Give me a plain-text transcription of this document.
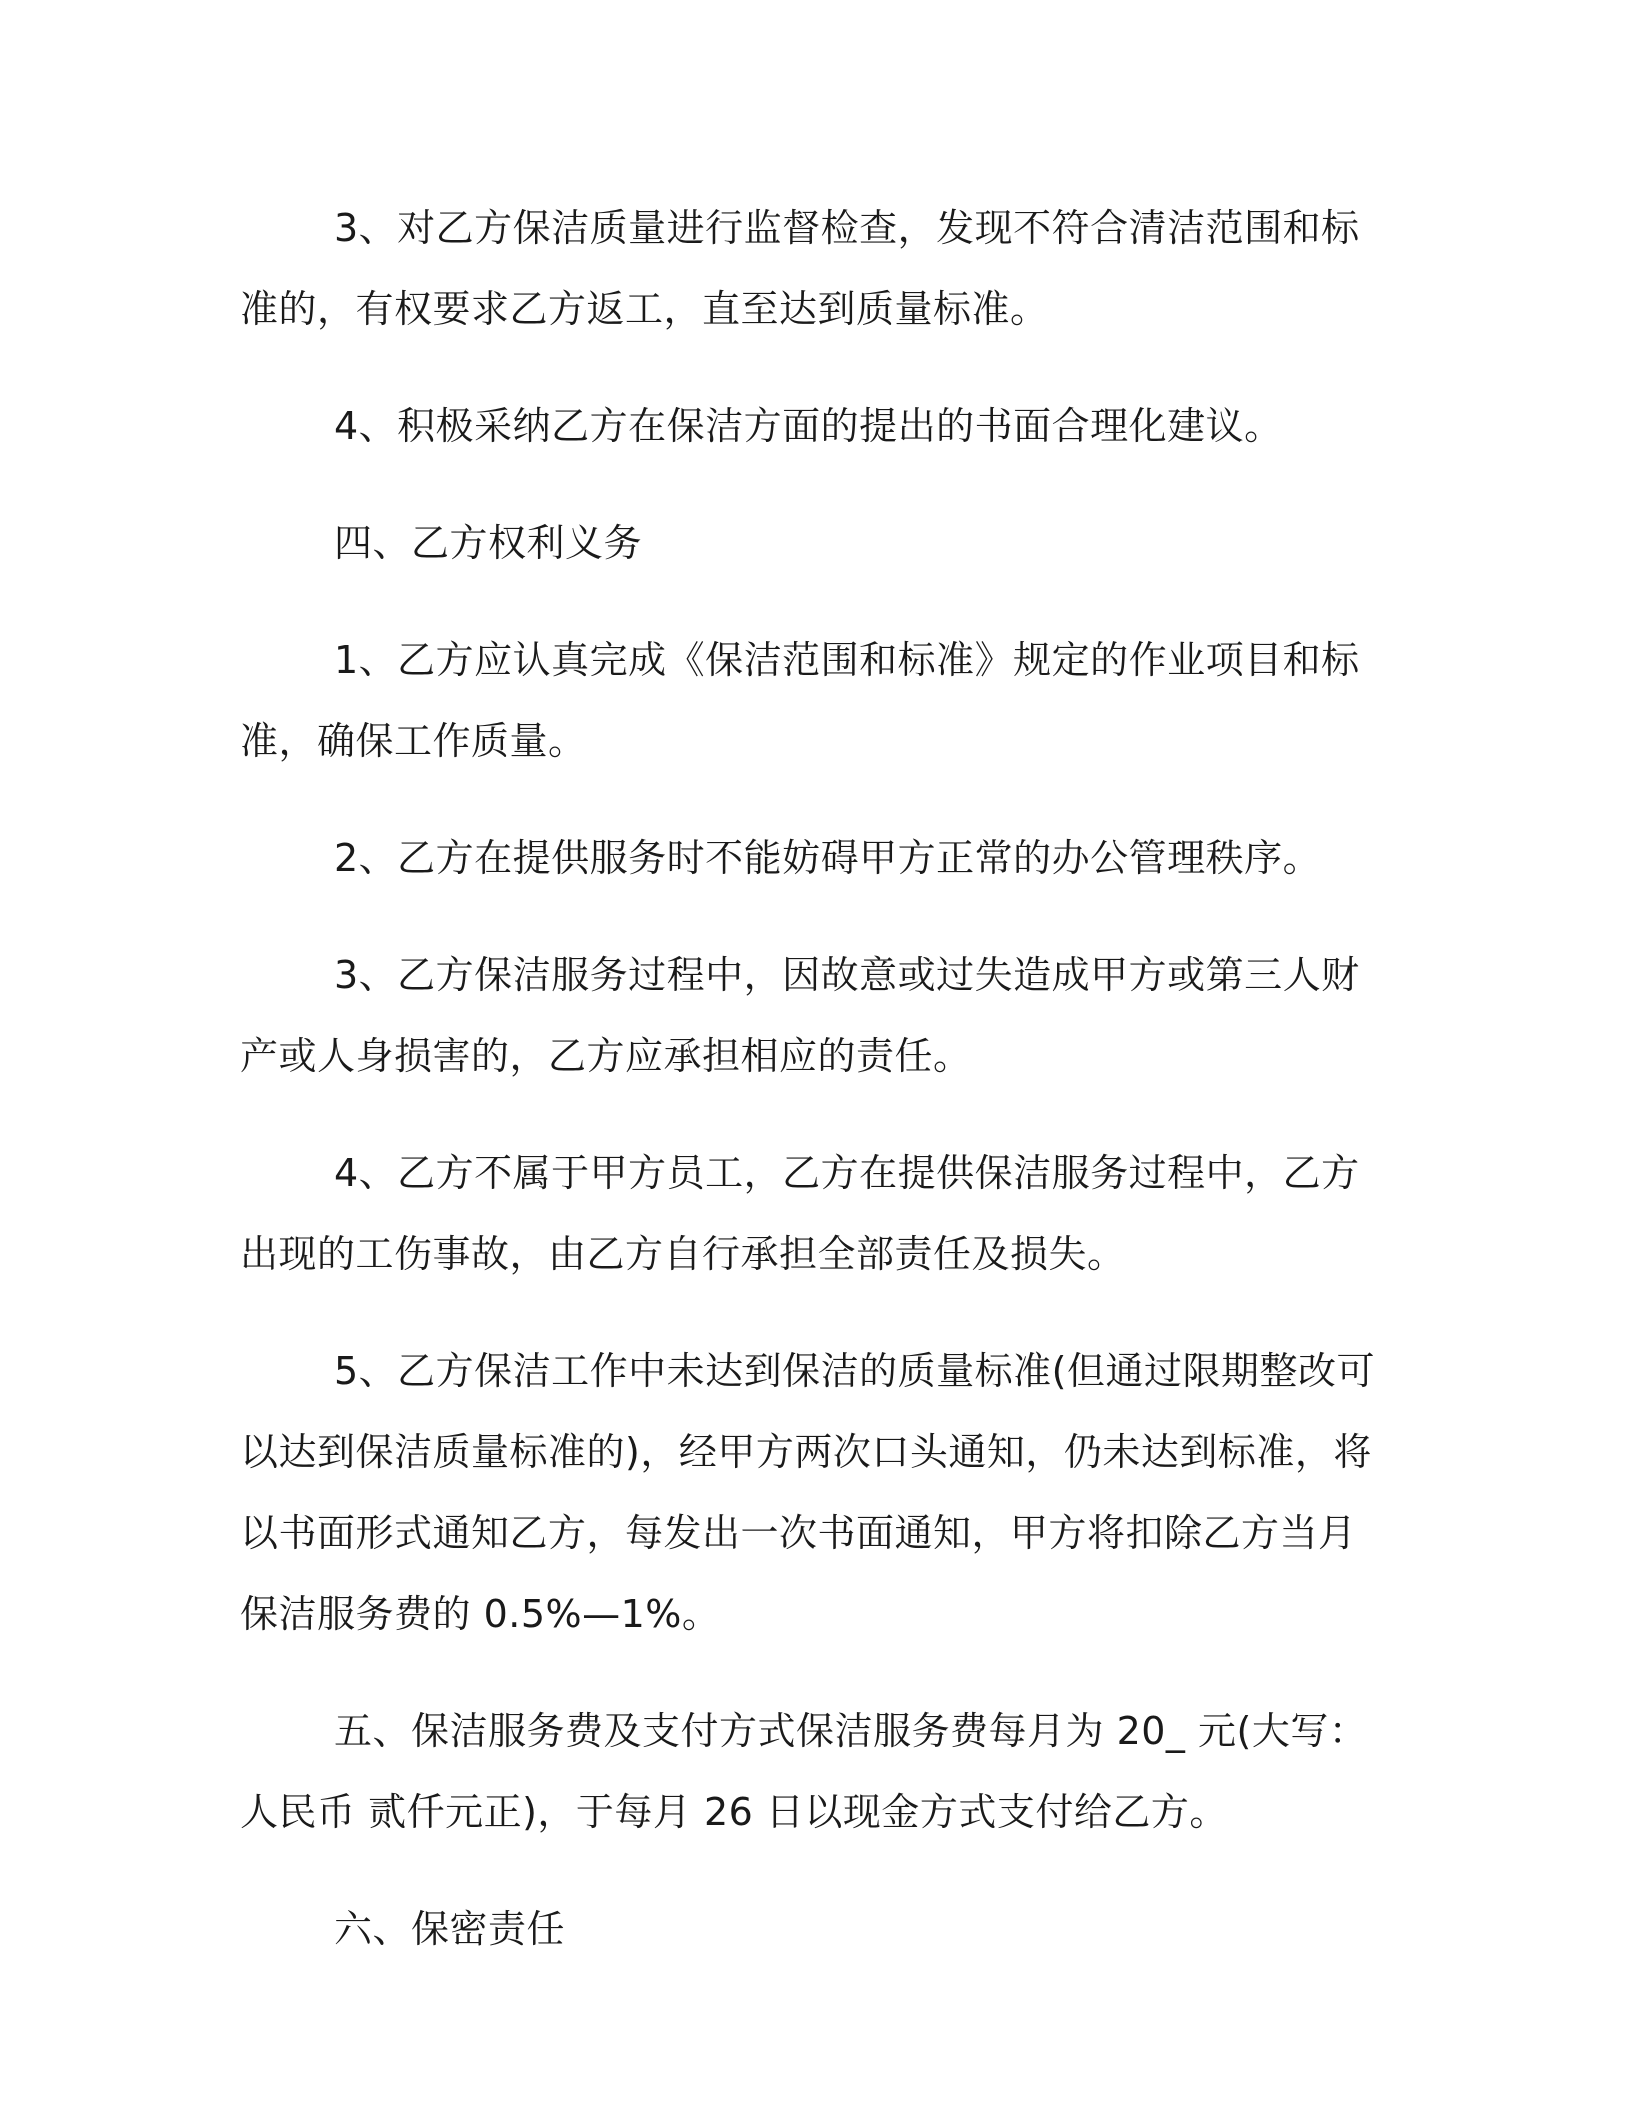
3、对乙方保洁质量进行监督检查，发现不符合清洁范围和标准的，有权要求乙方返工，直至达到质量标准。

4、积极采纳乙方在保洁方面的提出的书面合理化建议。

四、乙方权利义务

1、乙方应认真完成《保洁范围和标准》规定的作业项目和标准，确保工作质量。

2、乙方在提供服务时不能妨碍甲方正常的办公管理秩序。

3、乙方保洁服务过程中，因故意或过失造成甲方或第三人财产或人身损害的，乙方应承担相应的责任。

4、乙方不属于甲方员工，乙方在提供保洁服务过程中，乙方出现的工伤事故，由乙方自行承担全部责任及损失。

5、乙方保洁工作中未达到保洁的质量标准(但通过限期整改可以达到保洁质量标准的)，经甲方两次口头通知，仍未达到标准，将以书面形式通知乙方，每发出一次书面通知，甲方将扣除乙方当月保洁服务费的 0.5%—1%。

五、保洁服务费及支付方式保洁服务费每月为 20_ 元(大写：人民币 贰仟元正)，于每月 26 日以现金方式支付给乙方。

六、保密责任
